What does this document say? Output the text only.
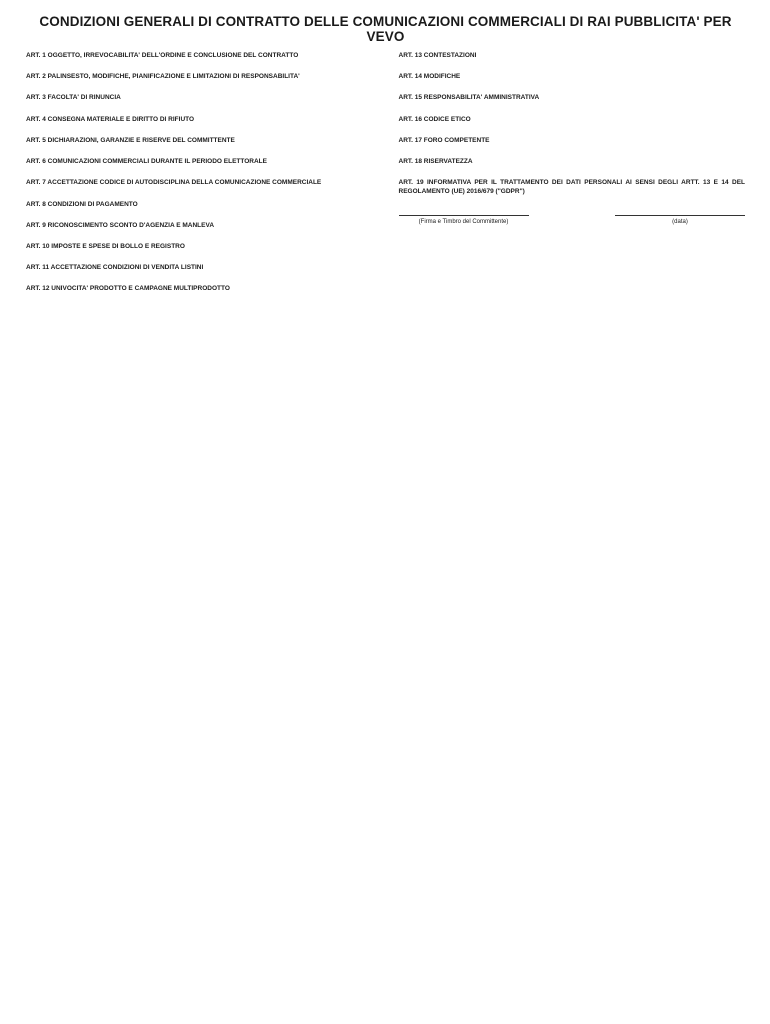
CONDIZIONI GENERALI DI CONTRATTO DELLE COMUNICAZIONI COMMERCIALI DI RAI PUBBLICITA' PER VEVO

ART. 1 OGGETTO, IRREVOCABILITA' DELL'ORDINE E CONCLUSIONE DEL CONTRATTO

ART. 2 PALINSESTO, MODIFICHE, PIANIFICAZIONE E LIMITAZIONI DI RESPONSABILITA'

ART. 3 FACOLTA' DI RINUNCIA

ART. 4 CONSEGNA MATERIALE E DIRITTO DI RIFIUTO

ART. 5 DICHIARAZIONI, GARANZIE E RISERVE DEL COMMITTENTE

ART. 6 COMUNICAZIONI COMMERCIALI DURANTE IL PERIODO ELETTORALE

ART. 7 ACCETTAZIONE CODICE DI AUTODISCIPLINA DELLA COMUNICAZIONE COMMERCIALE

ART. 8 CONDIZIONI DI PAGAMENTO

ART. 9 RICONOSCIMENTO SCONTO D'AGENZIA E MANLEVA

ART. 10 IMPOSTE E SPESE DI BOLLO E REGISTRO

ART. 11 ACCETTAZIONE CONDIZIONI DI VENDITA LISTINI

ART. 12 UNIVOCITA' PRODOTTO E CAMPAGNE MULTIPRODOTTO

ART. 13 CONTESTAZIONI

ART. 14 MODIFICHE

ART. 15 RESPONSABILITA' AMMINISTRATIVA

ART. 16 CODICE ETICO

ART. 17 FORO COMPETENTE

ART. 18 RISERVATEZZA

ART. 19 INFORMATIVA PER IL TRATTAMENTO DEI DATI PERSONALI AI SENSI DEGLI ARTT. 13 E 14 DEL REGOLAMENTO (UE) 2016/679 ("GDPR")

(Firma e Timbro del Committente)	(data)
